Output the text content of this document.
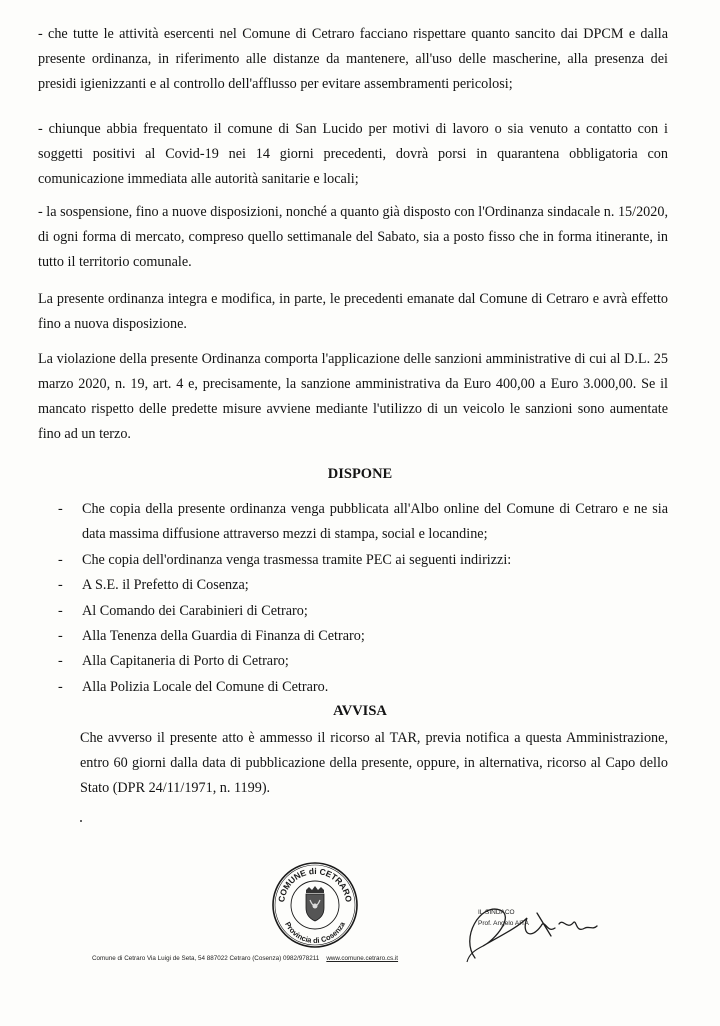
- che tutte le attività esercenti nel Comune di Cetraro facciano rispettare quanto sancito dai DPCM e dalla presente ordinanza, in riferimento alle distanze da mantenere, all'uso delle mascherine, alla presenza dei presidi igienizzanti e al controllo dell'afflusso per evitare assembramenti pericolosi;

- chiunque abbia frequentato il comune di San Lucido per motivi di lavoro o sia venuto a contatto con i soggetti positivi al Covid-19 nei 14 giorni precedenti, dovrà porsi in quarantena obbligatoria con comunicazione immediata alle autorità sanitarie e locali;

- la sospensione, fino a nuove disposizioni, nonché a quanto già disposto con l'Ordinanza sindacale n. 15/2020, di ogni forma di mercato, compreso quello settimanale del Sabato, sia a posto fisso che in forma itinerante, in tutto il territorio comunale.

La presente ordinanza integra e modifica, in parte, le precedenti emanate dal Comune di Cetraro e avrà effetto fino a nuova disposizione.

La violazione della presente Ordinanza comporta l'applicazione delle sanzioni amministrative di cui al D.L. 25 marzo 2020, n. 19, art. 4 e, precisamente, la sanzione amministrativa da Euro 400,00 a Euro 3.000,00. Se il mancato rispetto delle predette misure avviene mediante l'utilizzo di un veicolo le sanzioni sono aumentate fino ad un terzo.

DISPONE

- Che copia della presente ordinanza venga pubblicata all'Albo online del Comune di Cetraro e ne sia data massima diffusione attraverso mezzi di stampa, social e locandine;
- Che copia dell'ordinanza venga trasmessa tramite PEC ai seguenti indirizzi:
- A S.E. il Prefetto di Cosenza;
- Al Comando dei Carabinieri di Cetraro;
- Alla Tenenza della Guardia di Finanza di Cetraro;
- Alla Capitaneria di Porto di Cetraro;
- Alla Polizia Locale del Comune di Cetraro.

AVVISA

Che avverso il presente atto è ammesso il ricorso al TAR, previa notifica a questa Amministrazione, entro 60 giorni dalla data di pubblicazione della presente, oppure, in alternativa, ricorso al Capo dello Stato (DPR 24/11/1971, n. 1199).

COMUNE di CETRARO
Provincia di Cosenza
IL SINDACO
Prof. Angelo AITA
Comune di Cetraro Via Luigi de Seta, 54 887022 Cetraro (Cosenza) 0982/978211 www.comune.cetraro.cs.it
